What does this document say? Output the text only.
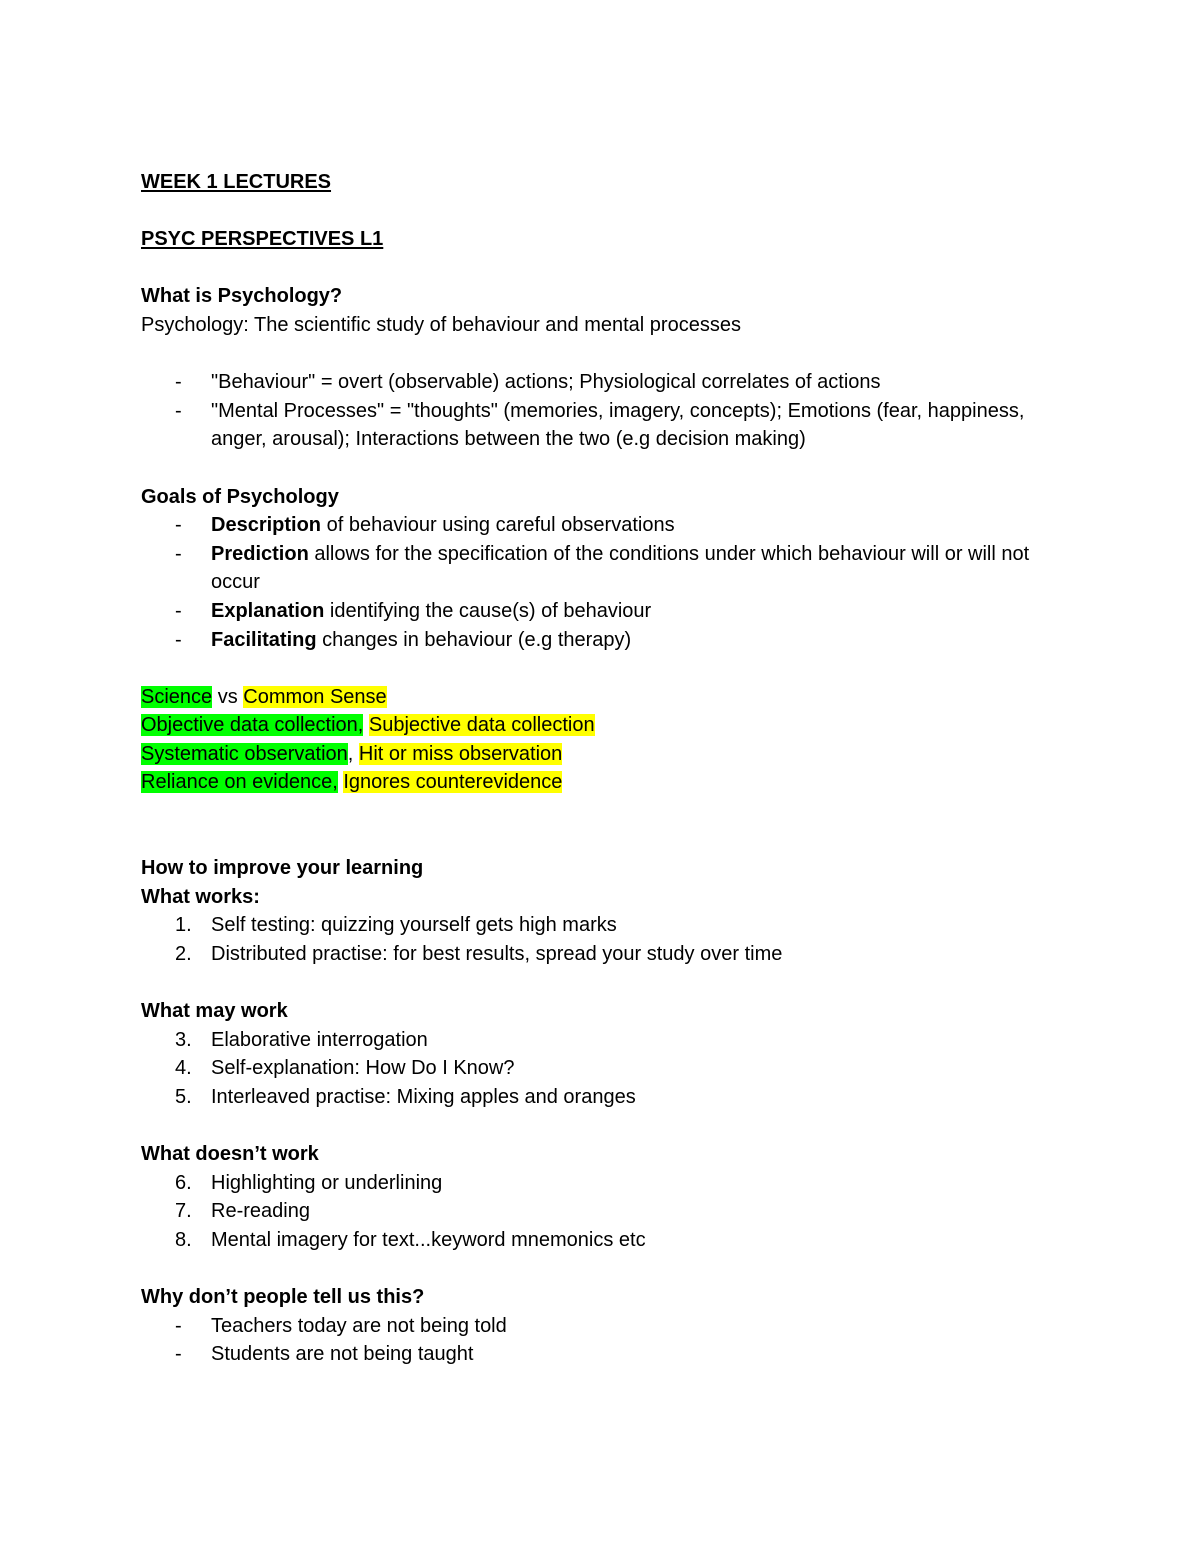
WEEK 1 LECTURES
PSYC PERSPECTIVES L1
What is Psychology?
Psychology: The scientific study of behaviour and mental processes
- "Behaviour" = overt (observable) actions; Physiological correlates of actions
- "Mental Processes" = "thoughts" (memories, imagery, concepts); Emotions (fear, happiness, anger, arousal); Interactions between the two (e.g decision making)
Goals of Psychology
- Description of behaviour using careful observations
- Prediction allows for the specification of the conditions under which behaviour will or will not occur
- Explanation identifying the cause(s) of behaviour
- Facilitating changes in behaviour (e.g therapy)
Science vs Common Sense
Objective data collection, Subjective data collection
Systematic observation, Hit or miss observation
Reliance on evidence, Ignores counterevidence
How to improve your learning
What works:
1. Self testing: quizzing yourself gets high marks
2. Distributed practise: for best results, spread your study over time
What may work
3. Elaborative interrogation
4. Self-explanation: How Do I Know?
5. Interleaved practise: Mixing apples and oranges
What doesn’t work
6. Highlighting or underlining
7. Re-reading
8. Mental imagery for text...keyword mnemonics etc
Why don’t people tell us this?
- Teachers today are not being told
- Students are not being taught
